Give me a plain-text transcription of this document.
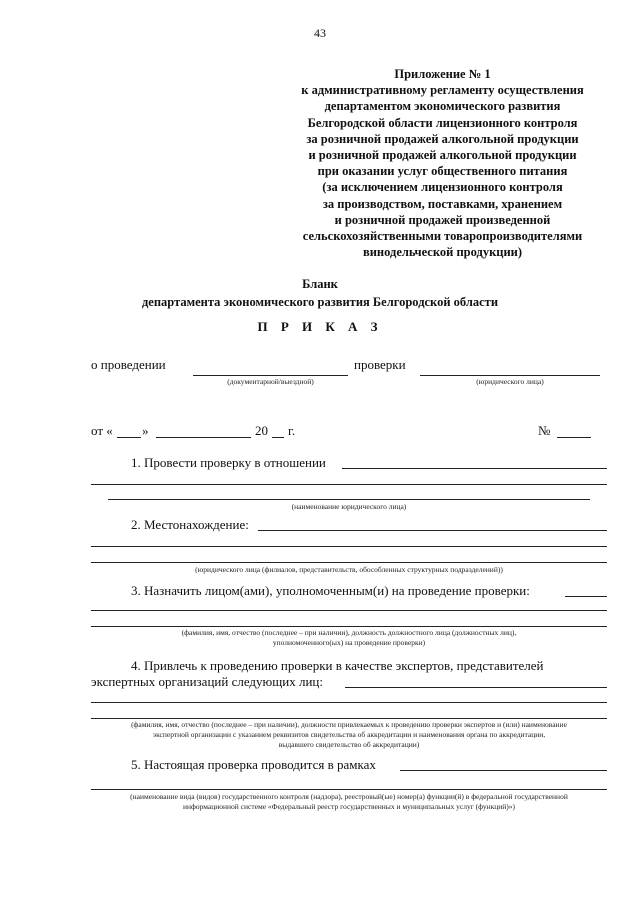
43
Приложение № 1
к административному регламенту осуществления
департаментом экономического развития
Белгородской области лицензионного контроля
за розничной продажей алкогольной продукции
и розничной продажей алкогольной продукции
при оказании услуг общественного питания
(за исключением лицензионного контроля
за производством, поставками, хранением
и розничной продажей произведенной
сельскохозяйственными товаропроизводителями
винодельческой продукции)
Бланк
департамента экономического развития Белгородской области
П Р И К А З
о проведении
(документарной/выездной)
проверки
(юридического лица)
от « »	20 г.	№
1. Провести проверку в отношении
(наименование юридического лица)
2. Местонахождение:
(юридического лица (филиалов, представительств, обособленных структурных подразделений))
3. Назначить лицом(ами), уполномоченным(и) на проведение проверки:
(фамилия, имя, отчество (последнее – при наличии), должность должностного лица (должностных лиц),
уполномоченного(ых) на проведение проверки)
4. Привлечь к проведению проверки в качестве экспертов, представителей
экспертных организаций следующих лиц:
(фамилия, имя, отчество (последнее – при наличии), должности привлекаемых к проведению проверки экспертов и (или) наименование
экспертной организации с указанием реквизитов свидетельства об аккредитации и наименования органа по аккредитации,
выдавшего свидетельство об аккредитации)
5. Настоящая проверка проводится в рамках
(наименование вида (видов) государственного контроля (надзора), реестровый(ые) номер(а) функции(й) в федеральной государственной
информационной системе «Федеральный реестр государственных и муниципальных услуг (функций)»)
